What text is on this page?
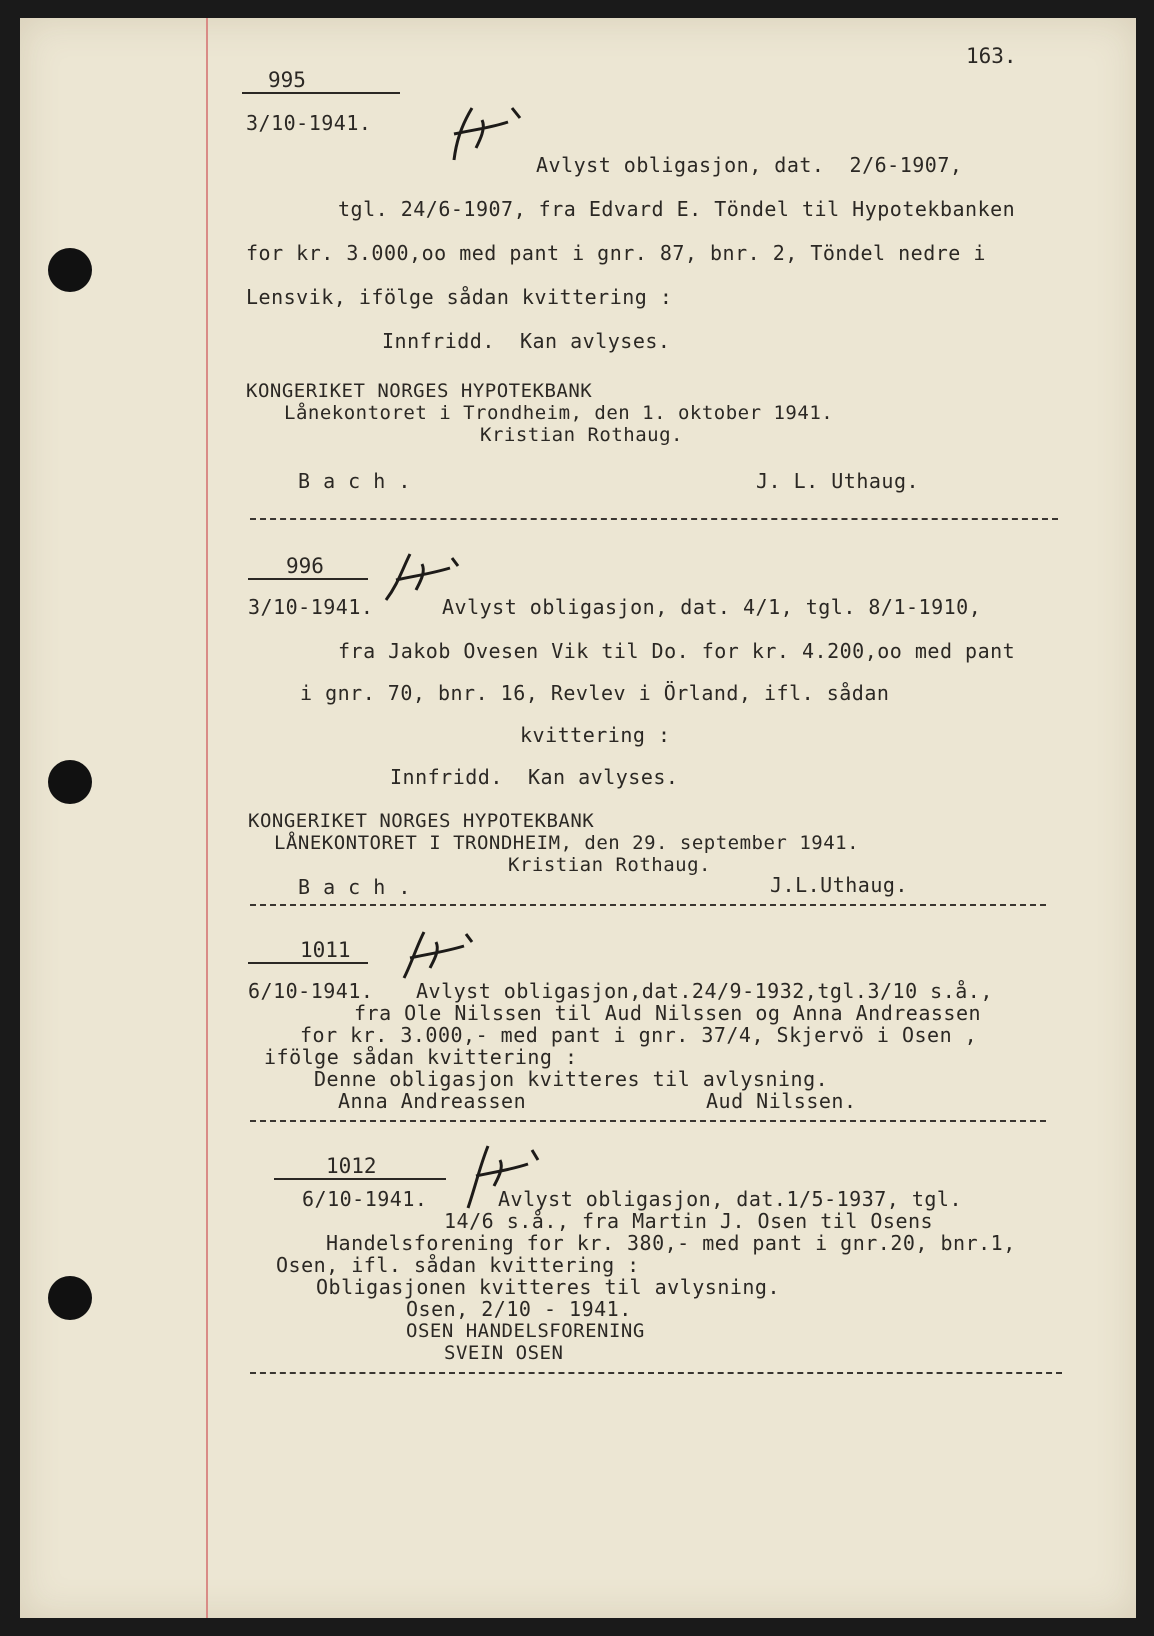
163.
995
3/10-1941.
Avlyst obligasjon, dat.  2/6-1907,
tgl. 24/6-1907, fra Edvard E. Töndel til Hypotekbanken
for kr. 3.000,oo med pant i gnr. 87, bnr. 2, Töndel nedre i
Lensvik, ifölge sådan kvittering :
Innfridd.  Kan avlyses.
KONGERIKET NORGES HYPOTEKBANK
Lånekontoret i Trondheim, den 1. oktober 1941.
Kristian Rothaug.
B a c h .	J. L. Uthaug.
996
3/10-1941.	Avlyst obligasjon, dat. 4/1, tgl. 8/1-1910,
fra Jakob Ovesen Vik til Do. for kr. 4.200,oo med pant
i gnr. 70, bnr. 16, Revlev i Örland, ifl. sådan
kvittering :
Innfridd.  Kan avlyses.
KONGERIKET NORGES HYPOTEKBANK
LÅNEKONTORET I TRONDHEIM, den 29. september 1941.
Kristian Rothaug.
B a c h .	J.L.Uthaug.
1011
6/10-1941. Avlyst obligasjon,dat.24/9-1932,tgl.3/10 s.å.,
fra Ole Nilssen til Aud Nilssen og Anna Andreassen
for kr. 3.000,- med pant i gnr. 37/4, Skjervö i Osen ,
ifölge sådan kvittering :
Denne obligasjon kvitteres til avlysning.
Anna Andreassen	Aud Nilssen.
1012
6/10-1941.	Avlyst obligasjon, dat.1/5-1937, tgl.
14/6 s.å., fra Martin J. Osen til Osens
Handelsforening for kr. 380,- med pant i gnr.20, bnr.1,
Osen, ifl. sådan kvittering :
Obligasjonen kvitteres til avlysning.
Osen, 2/10 - 1941.
OSEN HANDELSFORENING
SVEIN OSEN
